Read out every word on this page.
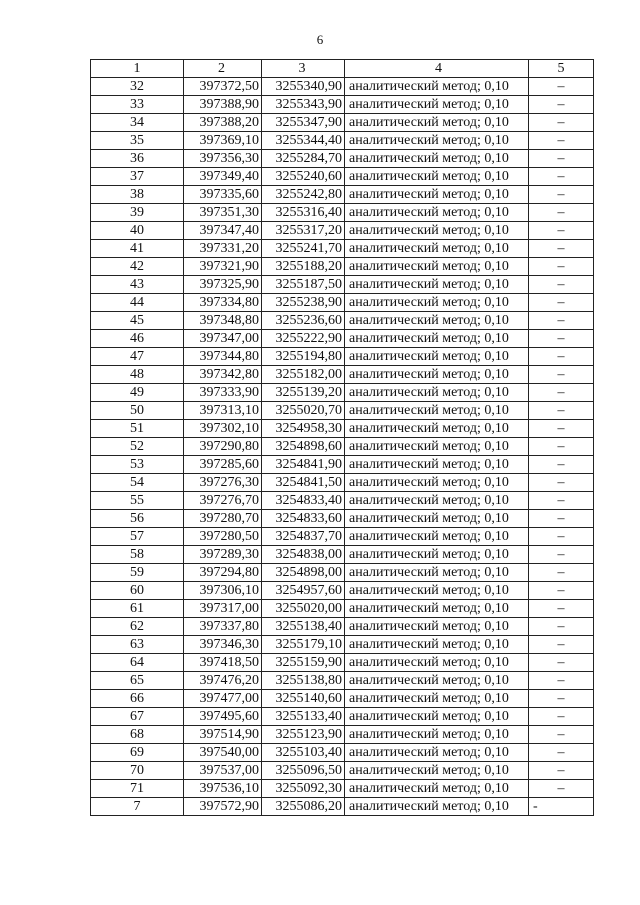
6
1	2	3	4	5
32	397372,50	3255340,90	аналитический метод; 0,10	–
33	397388,90	3255343,90	аналитический метод; 0,10	–
34	397388,20	3255347,90	аналитический метод; 0,10	–
35	397369,10	3255344,40	аналитический метод; 0,10	–
36	397356,30	3255284,70	аналитический метод; 0,10	–
37	397349,40	3255240,60	аналитический метод; 0,10	–
38	397335,60	3255242,80	аналитический метод; 0,10	–
39	397351,30	3255316,40	аналитический метод; 0,10	–
40	397347,40	3255317,20	аналитический метод; 0,10	–
41	397331,20	3255241,70	аналитический метод; 0,10	–
42	397321,90	3255188,20	аналитический метод; 0,10	–
43	397325,90	3255187,50	аналитический метод; 0,10	–
44	397334,80	3255238,90	аналитический метод; 0,10	–
45	397348,80	3255236,60	аналитический метод; 0,10	–
46	397347,00	3255222,90	аналитический метод; 0,10	–
47	397344,80	3255194,80	аналитический метод; 0,10	–
48	397342,80	3255182,00	аналитический метод; 0,10	–
49	397333,90	3255139,20	аналитический метод; 0,10	–
50	397313,10	3255020,70	аналитический метод; 0,10	–
51	397302,10	3254958,30	аналитический метод; 0,10	–
52	397290,80	3254898,60	аналитический метод; 0,10	–
53	397285,60	3254841,90	аналитический метод; 0,10	–
54	397276,30	3254841,50	аналитический метод; 0,10	–
55	397276,70	3254833,40	аналитический метод; 0,10	–
56	397280,70	3254833,60	аналитический метод; 0,10	–
57	397280,50	3254837,70	аналитический метод; 0,10	–
58	397289,30	3254838,00	аналитический метод; 0,10	–
59	397294,80	3254898,00	аналитический метод; 0,10	–
60	397306,10	3254957,60	аналитический метод; 0,10	–
61	397317,00	3255020,00	аналитический метод; 0,10	–
62	397337,80	3255138,40	аналитический метод; 0,10	–
63	397346,30	3255179,10	аналитический метод; 0,10	–
64	397418,50	3255159,90	аналитический метод; 0,10	–
65	397476,20	3255138,80	аналитический метод; 0,10	–
66	397477,00	3255140,60	аналитический метод; 0,10	–
67	397495,60	3255133,40	аналитический метод; 0,10	–
68	397514,90	3255123,90	аналитический метод; 0,10	–
69	397540,00	3255103,40	аналитический метод; 0,10	–
70	397537,00	3255096,50	аналитический метод; 0,10	–
71	397536,10	3255092,30	аналитический метод; 0,10	–
7	397572,90	3255086,20	аналитический метод; 0,10	-
